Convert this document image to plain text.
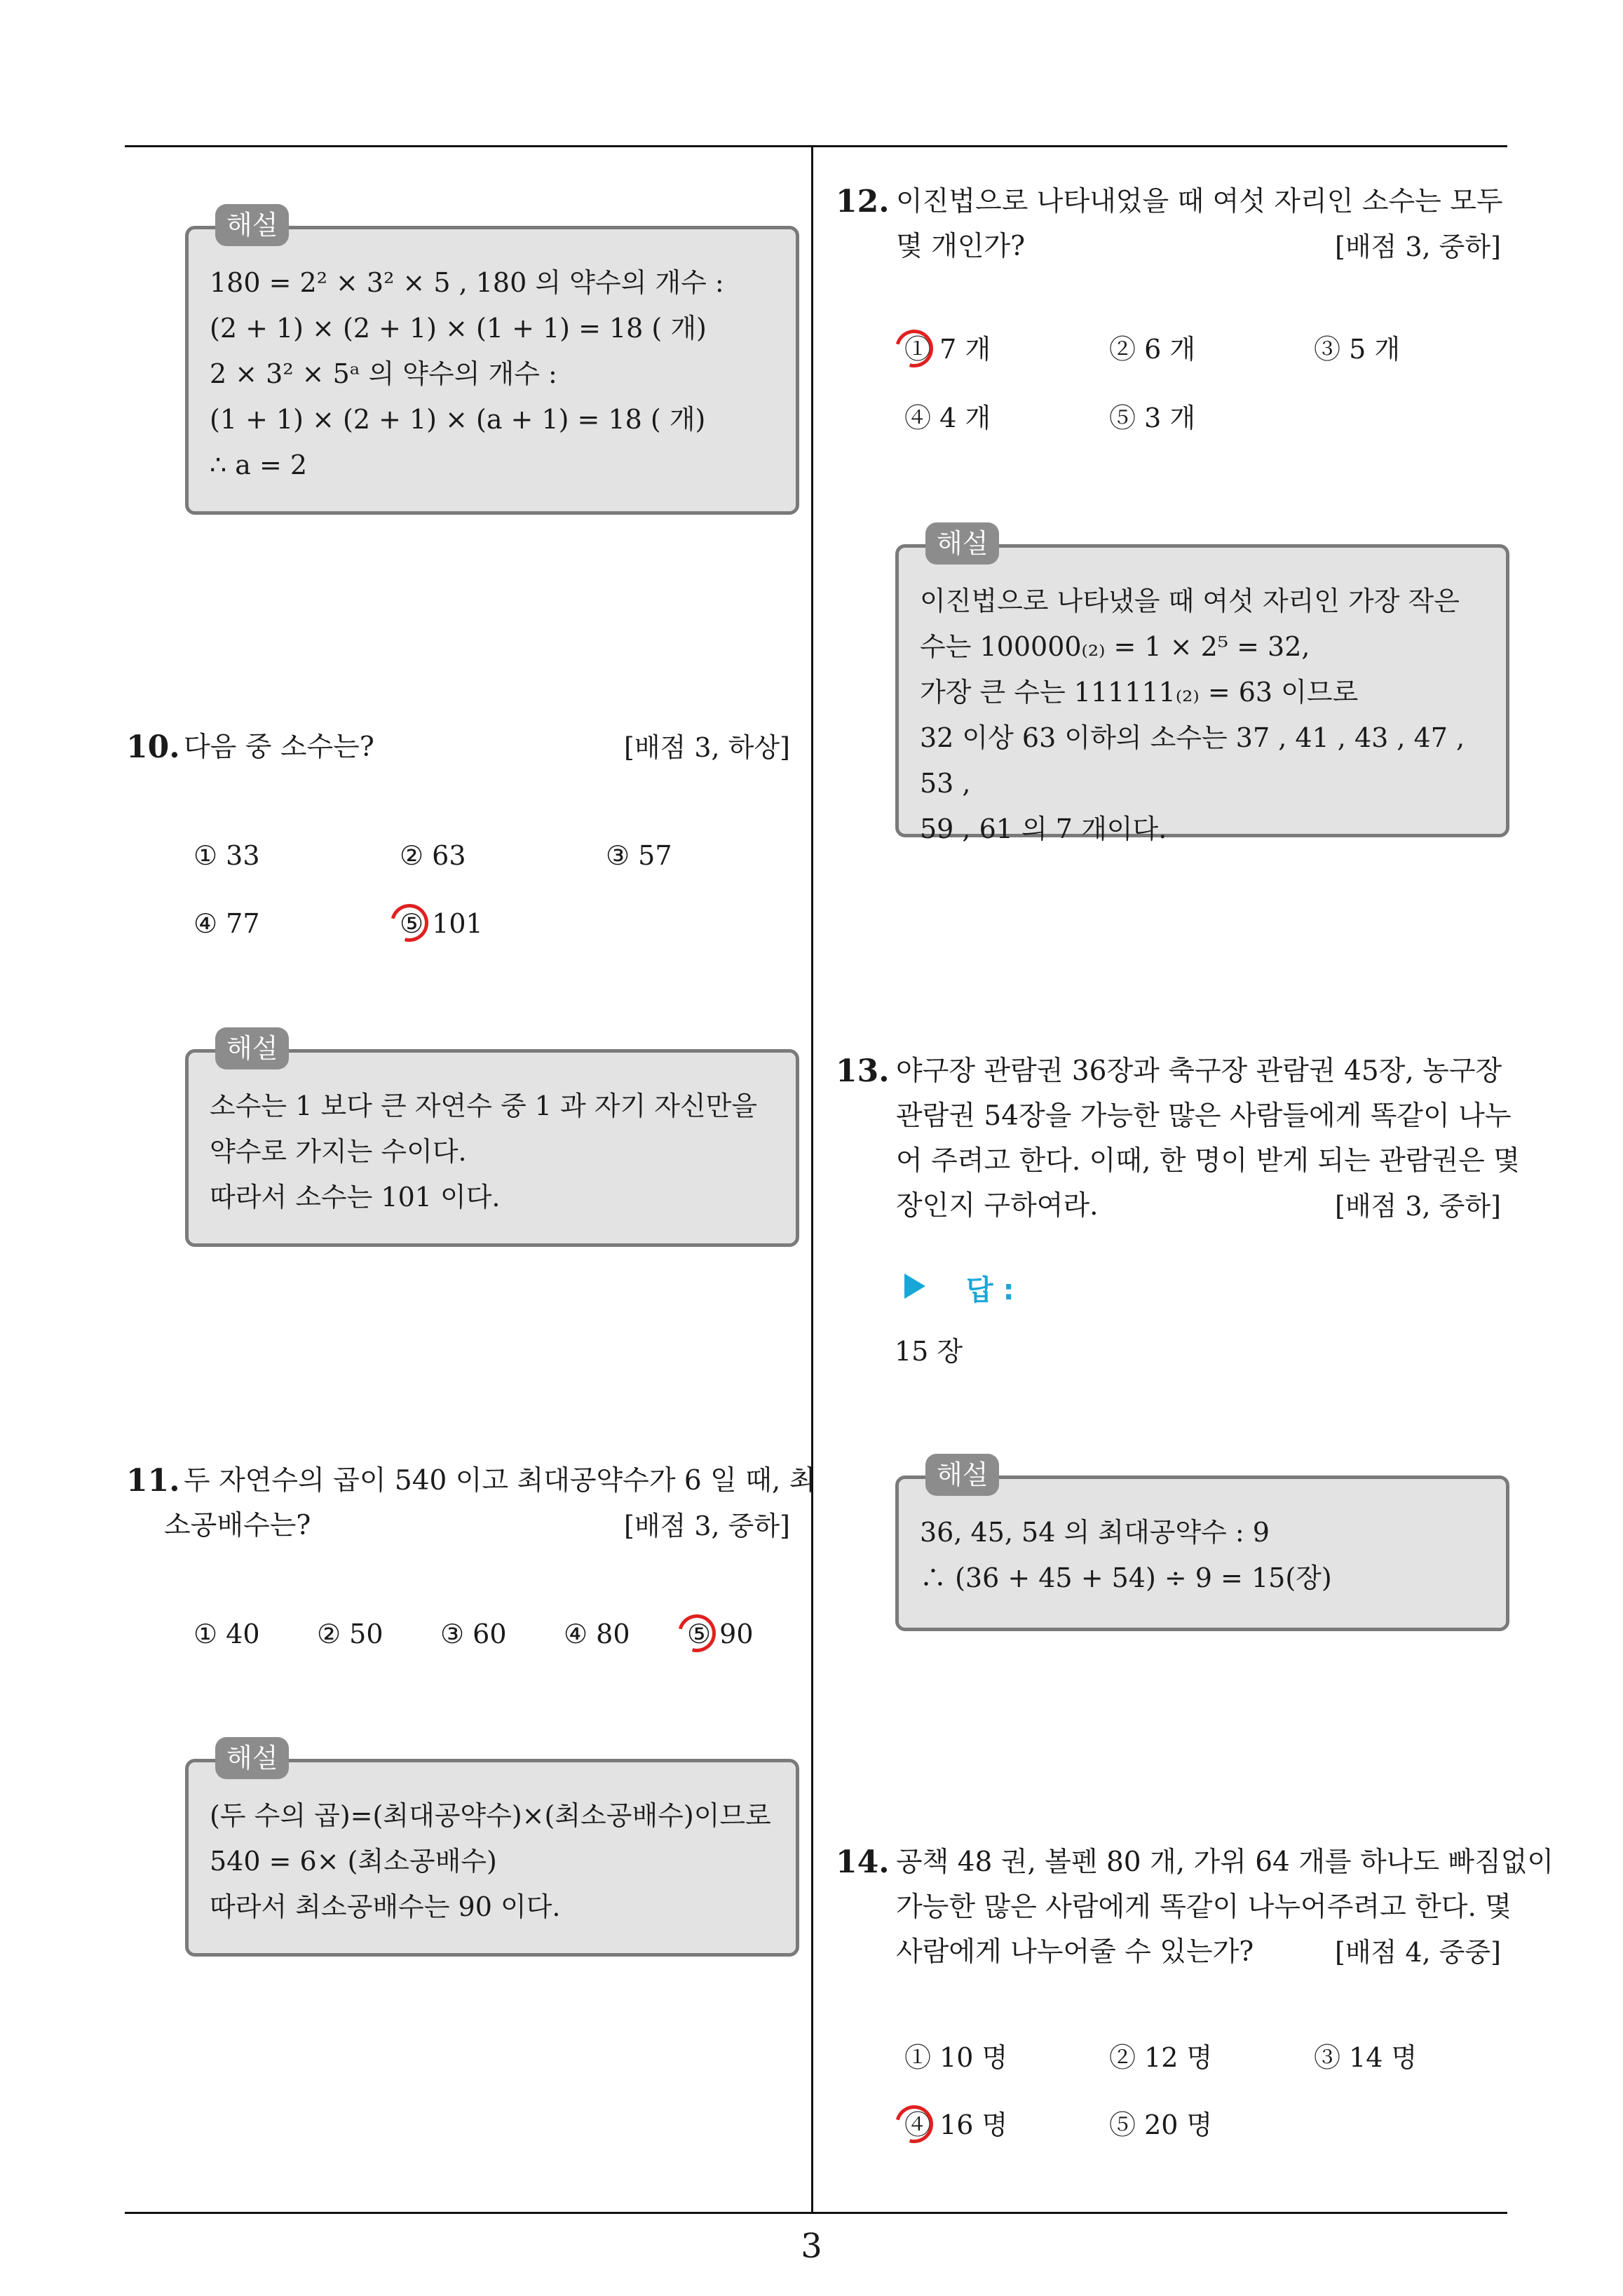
해설
180 = 2² × 3² × 5 , 180 의 약수의 개수 :
(2 + 1) × (2 + 1) × (1 + 1) = 18 ( 개)
2 × 3² × 5ᵃ 의 약수의 개수 :
(1 + 1) × (2 + 1) × (a + 1) = 18 ( 개)
∴ a = 2
10. 다음 중 소수는?	[배점 3, 하상]
① 33	② 63	③ 57
④ 77	⑤ 101
해설
소수는 1 보다 큰 자연수 중 1 과 자기 자신만을
약수로 가지는 수이다.
따라서 소수는 101 이다.
11. 두 자연수의 곱이 540 이고 최대공약수가 6 일 때, 최
소공배수는?	[배점 3, 중하]
① 40 ② 50 ③ 60 ④ 80 ⑤ 90
해설
(두 수의 곱)=(최대공약수)×(최소공배수)이므로
540 = 6× (최소공배수)
따라서 최소공배수는 90 이다.
12. 이진법으로 나타내었을 때 여섯 자리인 소수는 모두
몇 개인가?	[배점 3, 중하]
① 7 개	② 6 개	③ 5 개
④ 4 개	⑤ 3 개
해설
이진법으로 나타냈을 때 여섯 자리인 가장 작은
수는 100000₍₂₎ = 1 × 2⁵ = 32,
가장 큰 수는 111111₍₂₎ = 63 이므로
32 이상 63 이하의 소수는 37 , 41 , 43 , 47 , 53 ,
59 , 61 의 7 개이다.
13. 야구장 관람권 36장과 축구장 관람권 45장, 농구장
관람권 54장을 가능한 많은 사람들에게 똑같이 나누
어 주려고 한다. 이때, 한 명이 받게 되는 관람권은 몇
장인지 구하여라.	[배점 3, 중하]
답 :
15 장
해설
36, 45, 54 의 최대공약수 : 9
∴ (36 + 45 + 54) ÷ 9 = 15(장)
14. 공책 48 권, 볼펜 80 개, 가위 64 개를 하나도 빠짐없이
가능한 많은 사람에게 똑같이 나누어주려고 한다. 몇
사람에게 나누어줄 수 있는가?	[배점 4, 중중]
① 10 명	② 12 명	③ 14 명
④ 16 명	⑤ 20 명
3
